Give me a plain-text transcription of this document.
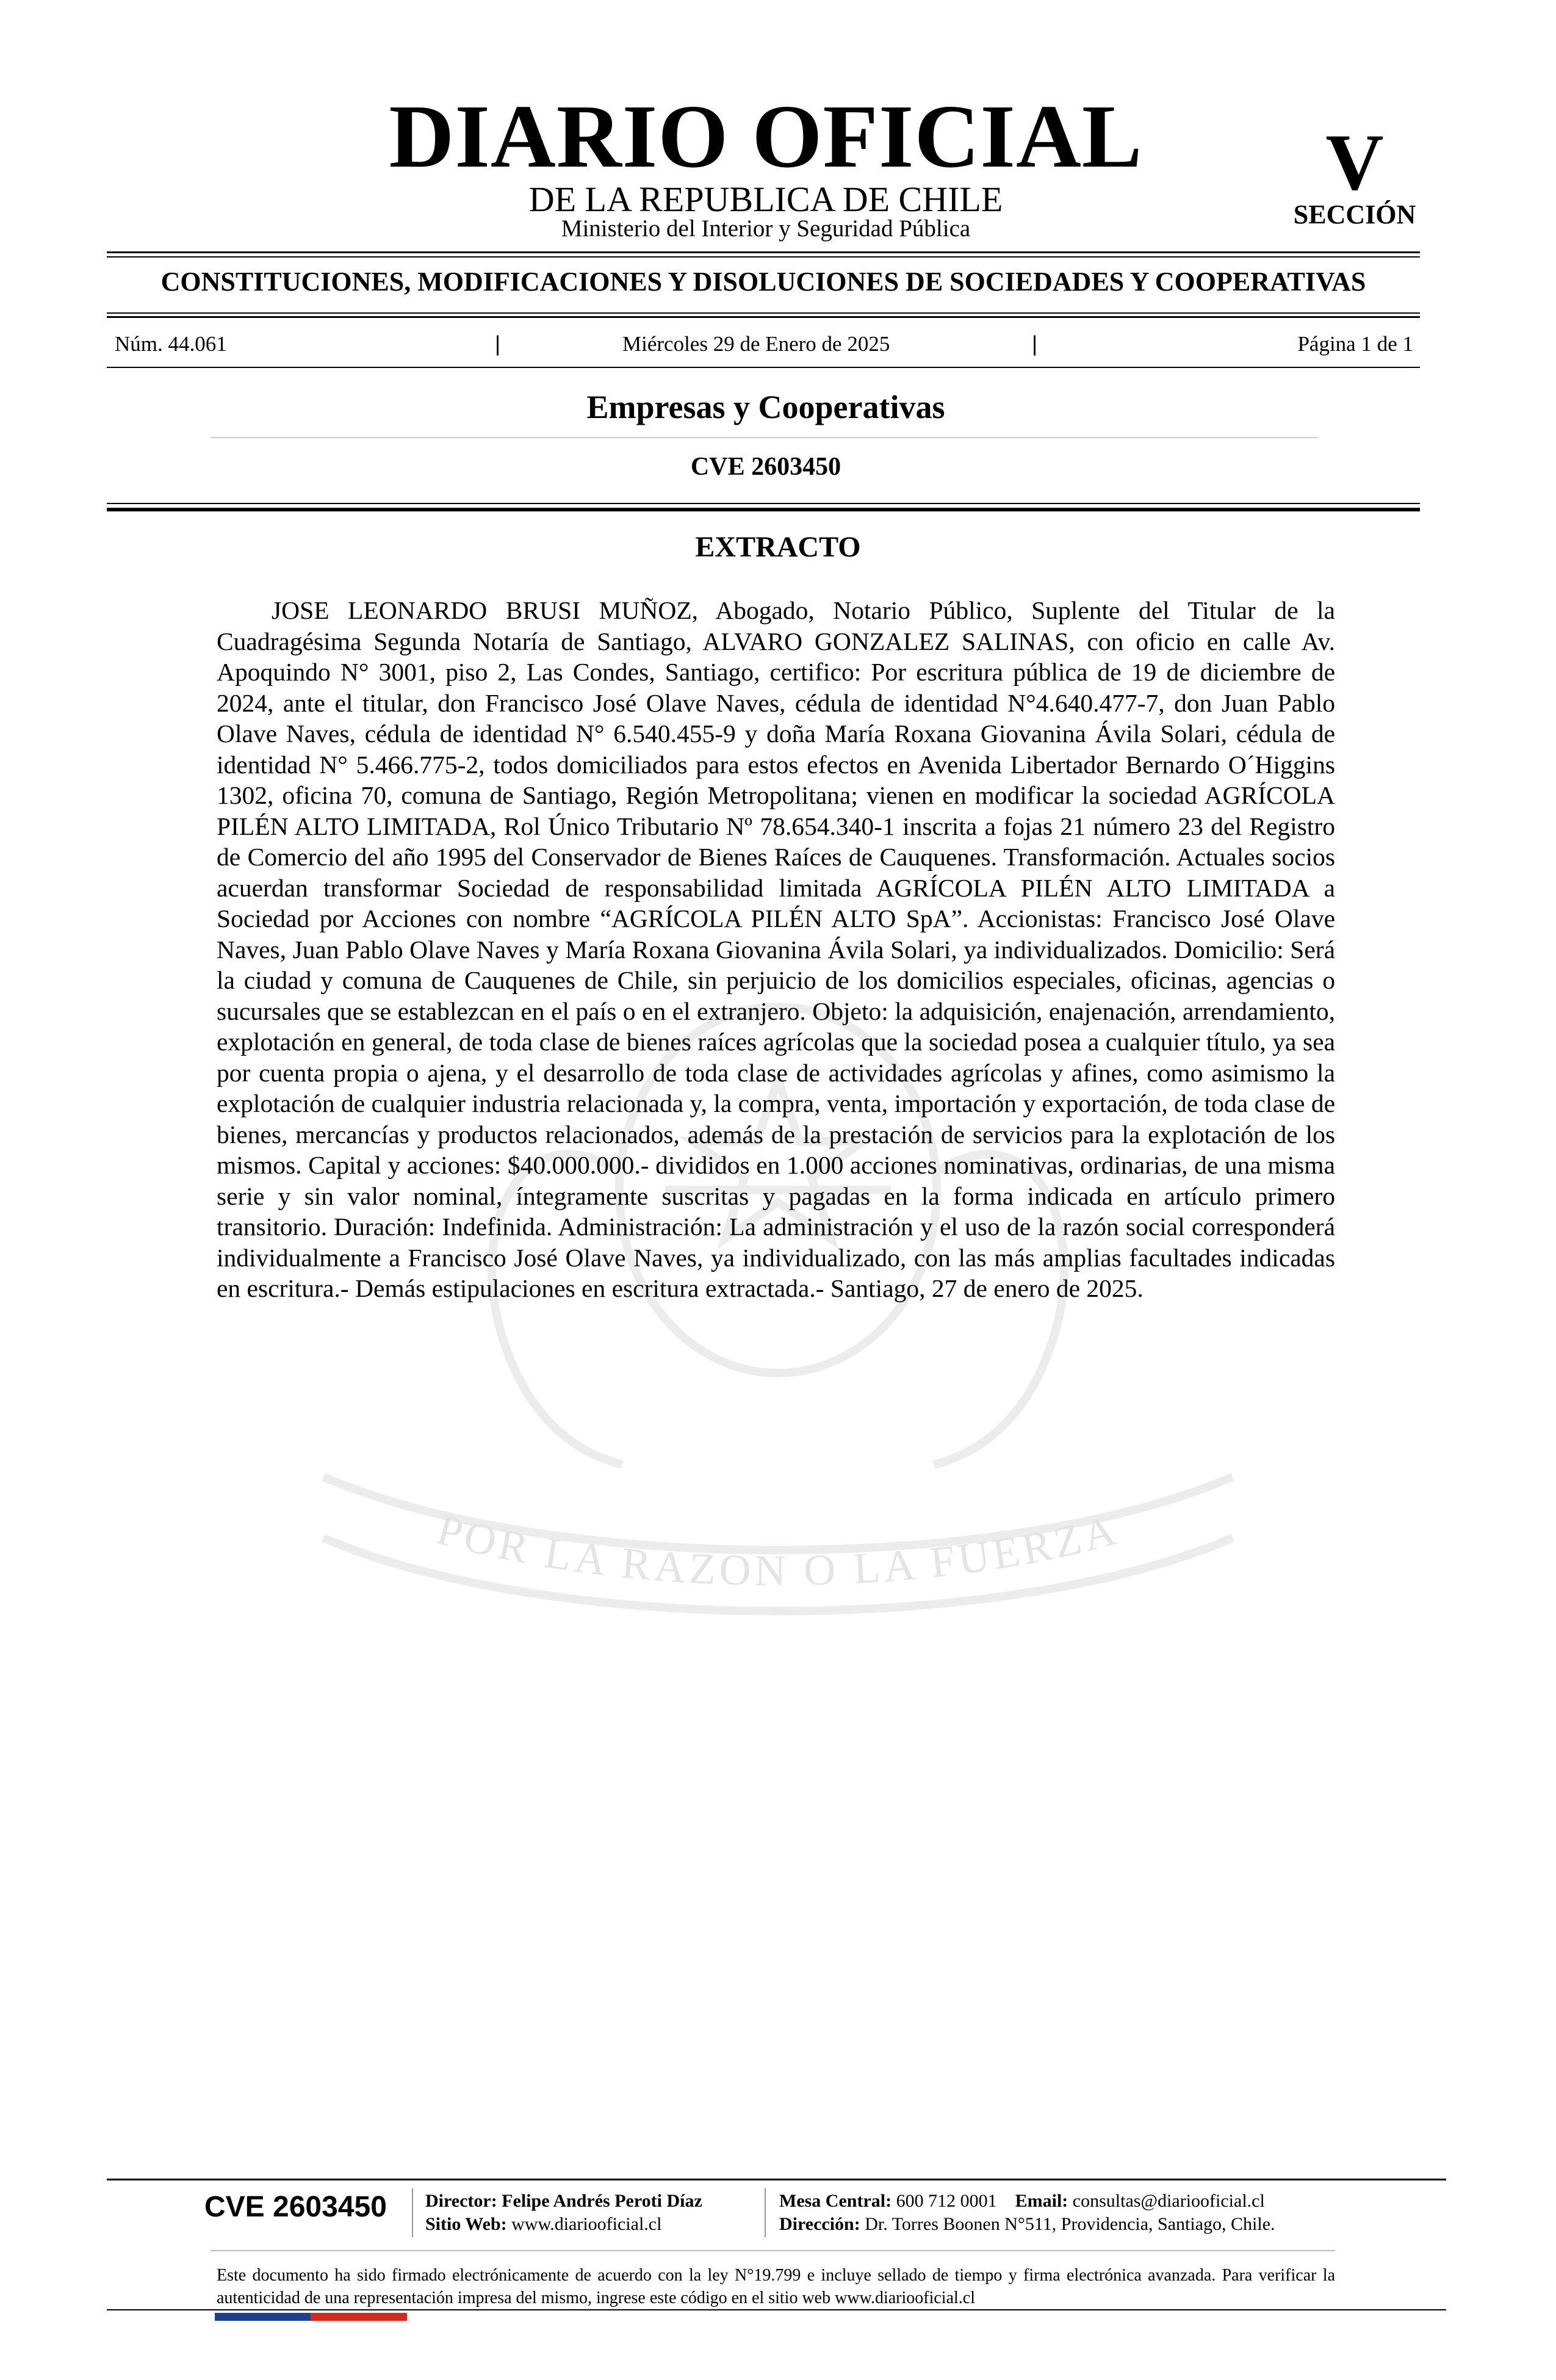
DIARIO OFICIAL
DE LA REPUBLICA DE CHILE
Ministerio del Interior y Seguridad Pública
V
SECCIÓN
CONSTITUCIONES, MODIFICACIONES Y DISOLUCIONES DE SOCIEDADES Y COOPERATIVAS
Núm. 44.061	|	Miércoles 29 de Enero de 2025	|	Página 1 de 1
Empresas y Cooperativas
CVE 2603450
POR LA RAZON O LA FUERZA
EXTRACTO
JOSE LEONARDO BRUSI MUÑOZ, Abogado, Notario Público, Suplente del Titular de la Cuadragésima Segunda Notaría de Santiago, ALVARO GONZALEZ SALINAS, con oficio en calle Av. Apoquindo N° 3001, piso 2, Las Condes, Santiago, certifico: Por escritura pública de 19 de diciembre de 2024, ante el titular, don Francisco José Olave Naves, cédula de identidad N°4.640.477-7, don Juan Pablo Olave Naves, cédula de identidad N° 6.540.455-9 y doña María Roxana Giovanina Ávila Solari, cédula de identidad N° 5.466.775-2, todos domiciliados para estos efectos en Avenida Libertador Bernardo O´Higgins 1302, oficina 70, comuna de Santiago, Región Metropolitana; vienen en modificar la sociedad AGRÍCOLA PILÉN ALTO LIMITADA, Rol Único Tributario Nº 78.654.340-1 inscrita a fojas 21 número 23 del Registro de Comercio del año 1995 del Conservador de Bienes Raíces de Cauquenes. Transformación. Actuales socios acuerdan transformar Sociedad de responsabilidad limitada AGRÍCOLA PILÉN ALTO LIMITADA a Sociedad por Acciones con nombre “AGRÍCOLA PILÉN ALTO SpA”. Accionistas: Francisco José Olave Naves, Juan Pablo Olave Naves y María Roxana Giovanina Ávila Solari, ya individualizados. Domicilio: Será la ciudad y comuna de Cauquenes de Chile, sin perjuicio de los domicilios especiales, oficinas, agencias o sucursales que se establezcan en el país o en el extranjero. Objeto: la adquisición, enajenación, arrendamiento, explotación en general, de toda clase de bienes raíces agrícolas que la sociedad posea a cualquier título, ya sea por cuenta propia o ajena, y el desarrollo de toda clase de actividades agrícolas y afines, como asimismo la explotación de cualquier industria relacionada y, la compra, venta, importación y exportación, de toda clase de bienes, mercancías y productos relacionados, además de la prestación de servicios para la explotación de los mismos. Capital y acciones: $40.000.000.- divididos en 1.000 acciones nominativas, ordinarias, de una misma serie y sin valor nominal, íntegramente suscritas y pagadas en la forma indicada en artículo primero transitorio. Duración: Indefinida. Administración: La administración y el uso de la razón social corresponderá individualmente a Francisco José Olave Naves, ya individualizado, con las más amplias facultades indicadas en escritura.- Demás estipulaciones en escritura extractada.- Santiago, 27 de enero de 2025.
CVE 2603450 Director: Felipe Andrés Peroti Díaz
Sitio Web: www.diariooficial.cl
Mesa Central: 600 712 0001 Email: consultas@diariooficial.cl
Dirección: Dr. Torres Boonen N°511, Providencia, Santiago, Chile.
Este documento ha sido firmado electrónicamente de acuerdo con la ley N°19.799 e incluye sellado de tiempo y firma electrónica avanzada. Para verificar la autenticidad de una representación impresa del mismo, ingrese este código en el sitio web www.diariooficial.cl
